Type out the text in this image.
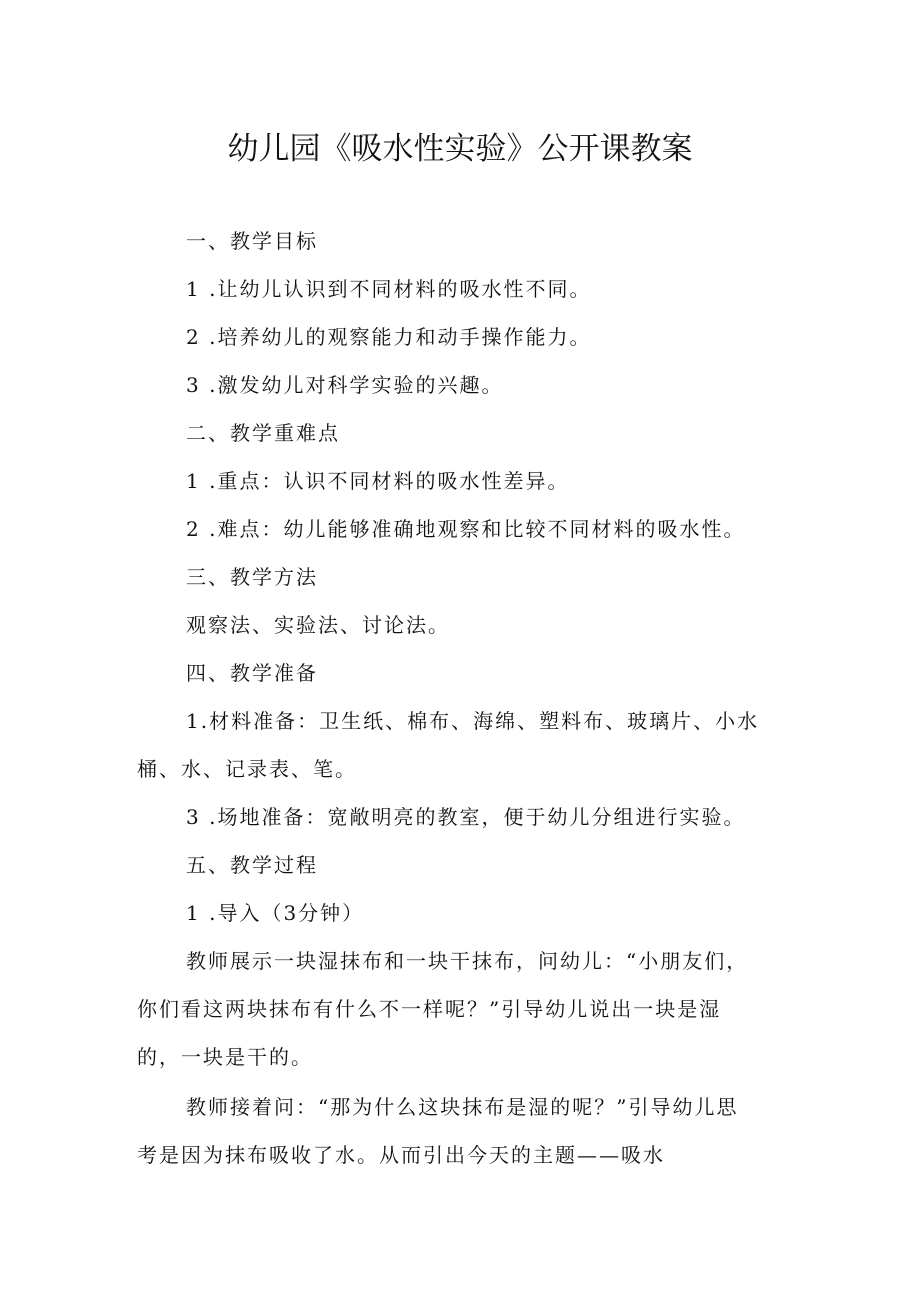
幼儿园《吸水性实验》公开课教案
一、教学目标
1 .让幼儿认识到不同材料的吸水性不同。
2 .培养幼儿的观察能力和动手操作能力。
3 .激发幼儿对科学实验的兴趣。
二、教学重难点
1 .重点：认识不同材料的吸水性差异。
2 .难点：幼儿能够准确地观察和比较不同材料的吸水性。
三、教学方法
观察法、实验法、讨论法。
四、教学准备
1.材料准备：卫生纸、棉布、海绵、塑料布、玻璃片、小水
桶、水、记录表、笔。
3 .场地准备：宽敞明亮的教室，便于幼儿分组进行实验。
五、教学过程
1 .导入（3分钟）
教师展示一块湿抹布和一块干抹布，问幼儿：“小朋友们，
你们看这两块抹布有什么不一样呢？”引导幼儿说出一块是湿
的，一块是干的。
教师接着问：“那为什么这块抹布是湿的呢？”引导幼儿思
考是因为抹布吸收了水。从而引出今天的主题——吸水
